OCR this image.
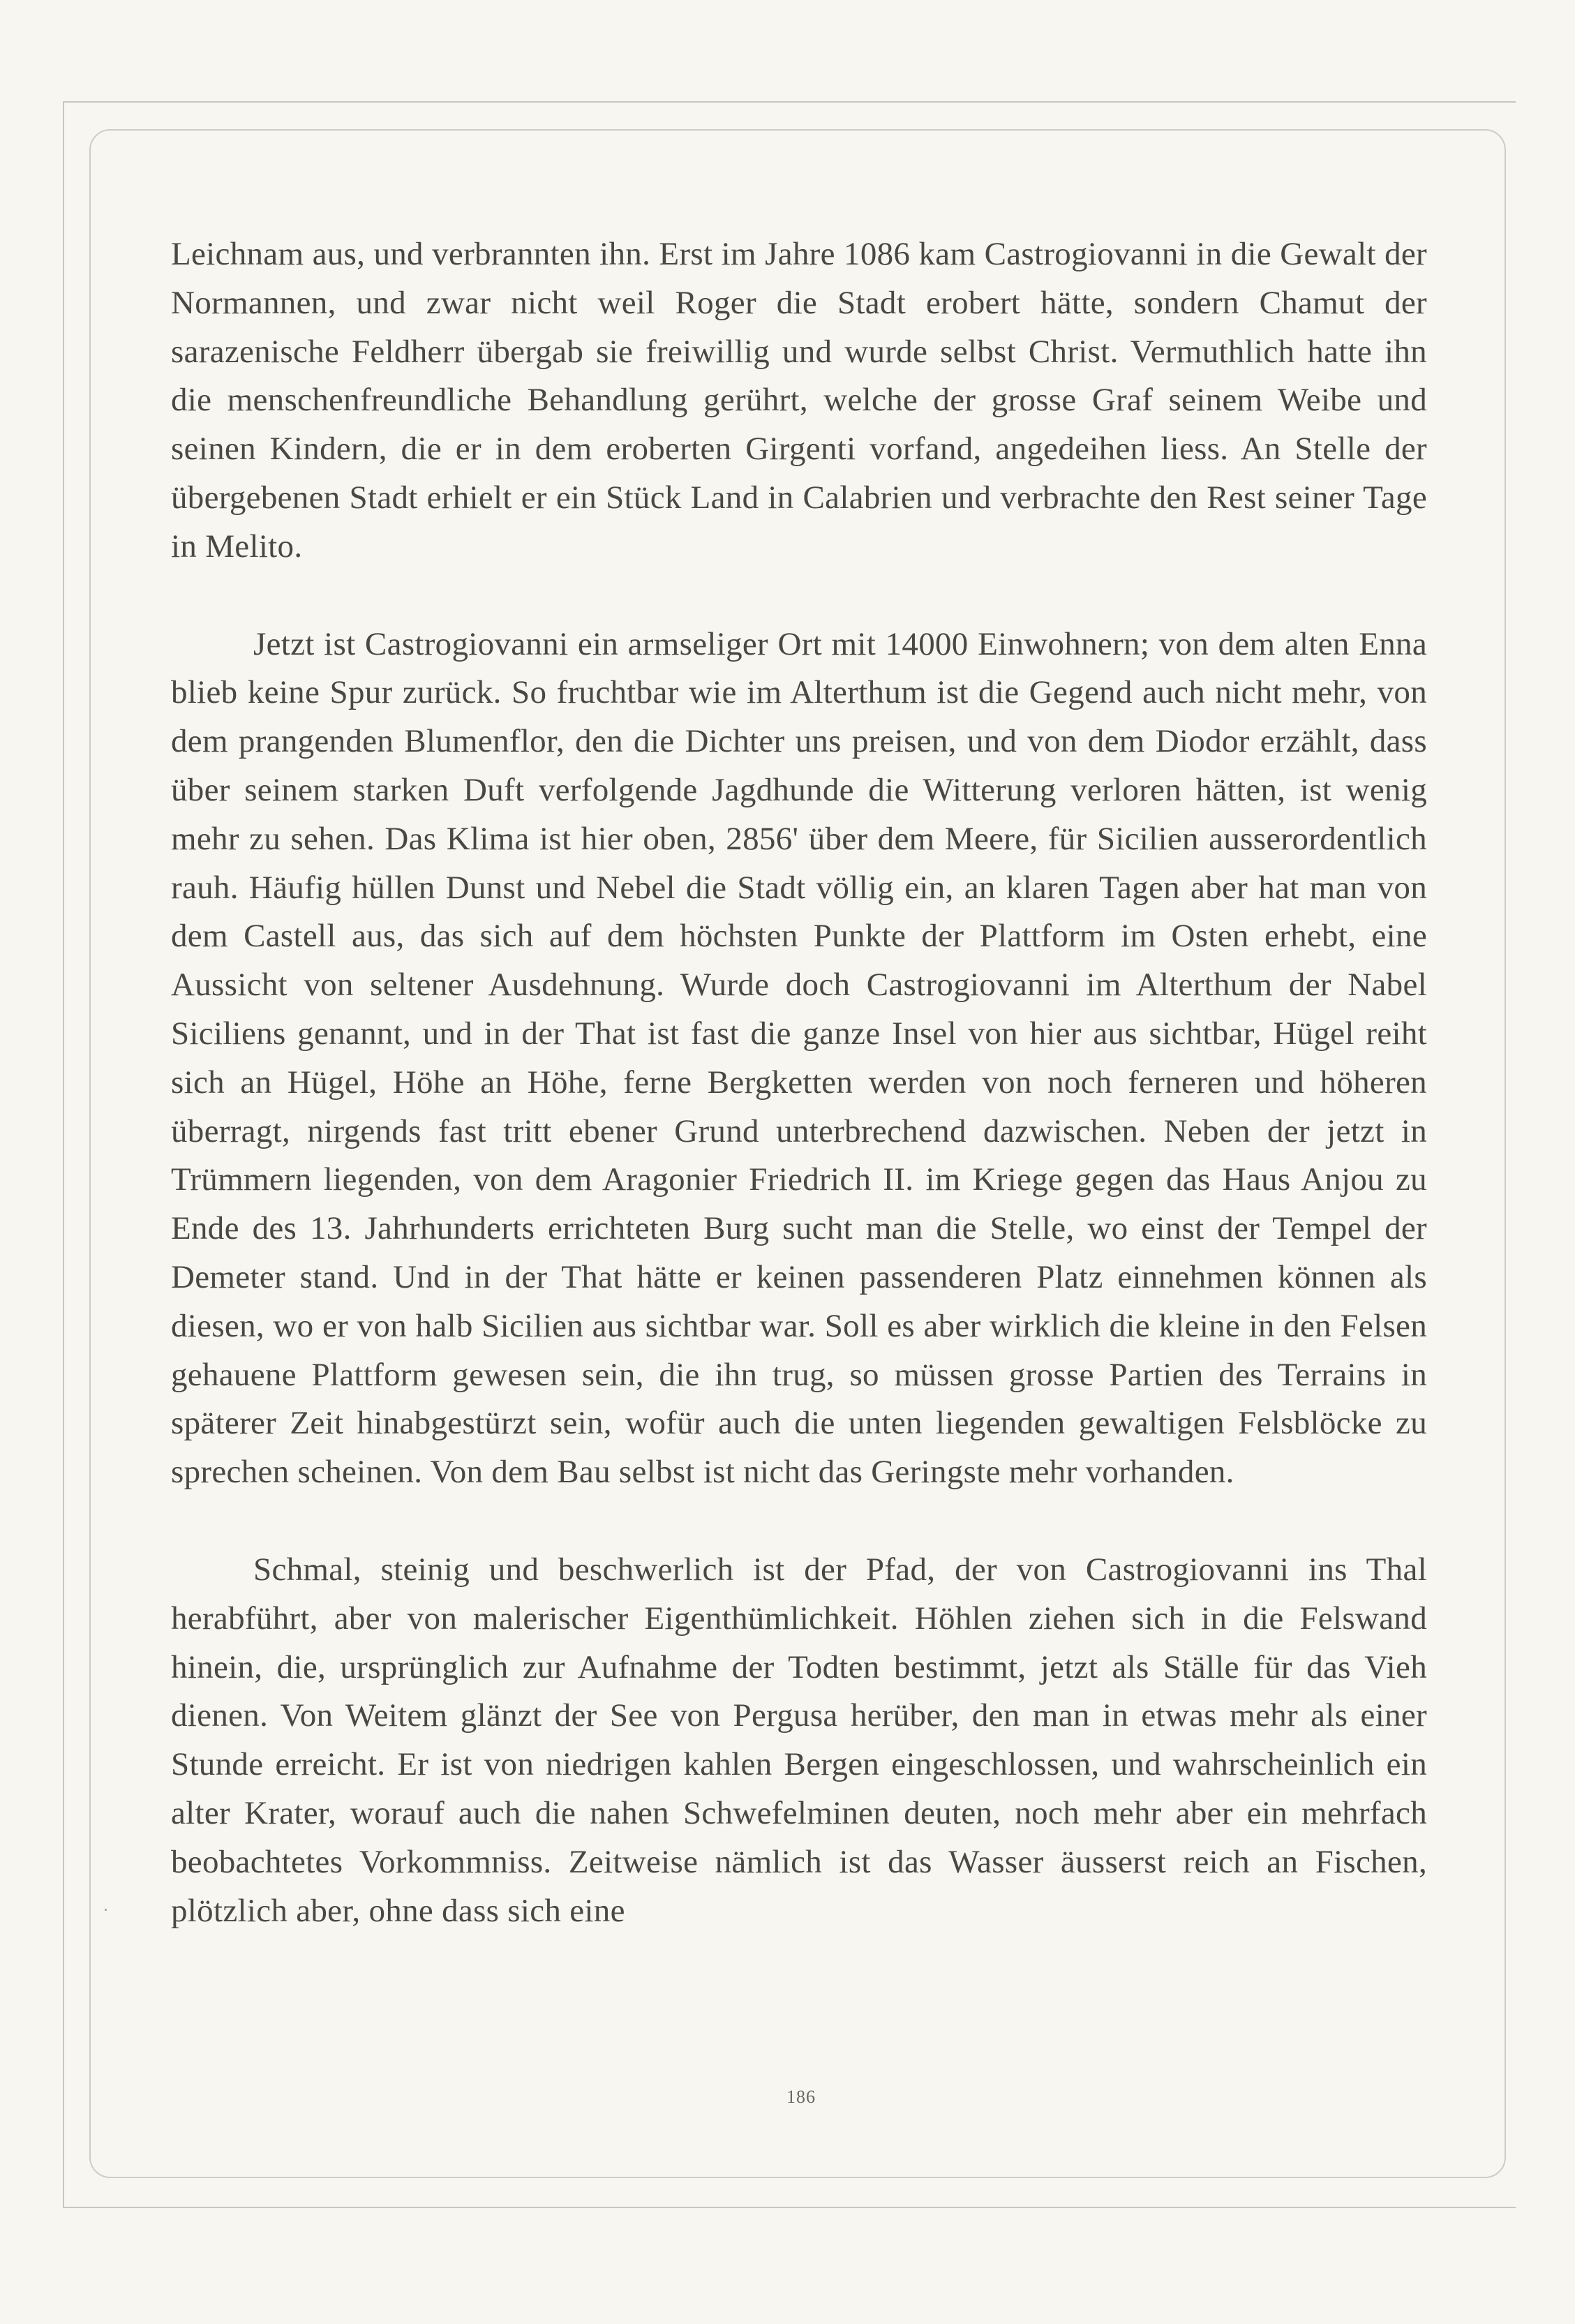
Leichnam aus, und verbrannten ihn. Erst im Jahre 1086 kam Castrogiovanni in die Gewalt der Normannen, und zwar nicht weil Roger die Stadt erobert hätte, sondern Chamut der sarazenische Feldherr übergab sie freiwillig und wurde selbst Christ. Vermuthlich hatte ihn die menschenfreundliche Behandlung gerührt, welche der grosse Graf seinem Weibe und seinen Kindern, die er in dem eroberten Girgenti vorfand, angedeihen liess. An Stelle der übergebenen Stadt erhielt er ein Stück Land in Calabrien und verbrachte den Rest seiner Tage in Melito.

Jetzt ist Castrogiovanni ein armseliger Ort mit 14000 Einwohnern; von dem alten Enna blieb keine Spur zurück. So fruchtbar wie im Alterthum ist die Gegend auch nicht mehr, von dem prangenden Blumenflor, den die Dichter uns preisen, und von dem Diodor erzählt, dass über seinem starken Duft verfolgende Jagdhunde die Witterung verloren hätten, ist wenig mehr zu sehen. Das Klima ist hier oben, 2856' über dem Meere, für Sicilien ausserordentlich rauh. Häufig hüllen Dunst und Nebel die Stadt völlig ein, an klaren Tagen aber hat man von dem Castell aus, das sich auf dem höchsten Punkte der Plattform im Osten erhebt, eine Aussicht von seltener Ausdehnung. Wurde doch Castrogiovanni im Alterthum der Nabel Siciliens genannt, und in der That ist fast die ganze Insel von hier aus sichtbar, Hügel reiht sich an Hügel, Höhe an Höhe, ferne Bergketten werden von noch ferneren und höheren überragt, nirgends fast tritt ebener Grund unterbrechend dazwischen. Neben der jetzt in Trümmern liegenden, von dem Aragonier Friedrich II. im Kriege gegen das Haus Anjou zu Ende des 13. Jahrhunderts errichteten Burg sucht man die Stelle, wo einst der Tempel der Demeter stand. Und in der That hätte er keinen passenderen Platz einnehmen können als diesen, wo er von halb Sicilien aus sichtbar war. Soll es aber wirklich die kleine in den Felsen gehauene Plattform gewesen sein, die ihn trug, so müssen grosse Partien des Terrains in späterer Zeit hinabgestürzt sein, wofür auch die unten liegenden gewaltigen Felsblöcke zu sprechen scheinen. Von dem Bau selbst ist nicht das Geringste mehr vorhanden.

Schmal, steinig und beschwerlich ist der Pfad, der von Castrogiovanni ins Thal herabführt, aber von malerischer Eigenthümlichkeit. Höhlen ziehen sich in die Felswand hinein, die, ursprünglich zur Aufnahme der Todten bestimmt, jetzt als Ställe für das Vieh dienen. Von Weitem glänzt der See von Pergusa herüber, den man in etwas mehr als einer Stunde erreicht. Er ist von niedrigen kahlen Bergen eingeschlossen, und wahrscheinlich ein alter Krater, worauf auch die nahen Schwefelminen deuten, noch mehr aber ein mehrfach beobachtetes Vorkommniss. Zeitweise nämlich ist das Wasser äusserst reich an Fischen, plötzlich aber, ohne dass sich eine

186
